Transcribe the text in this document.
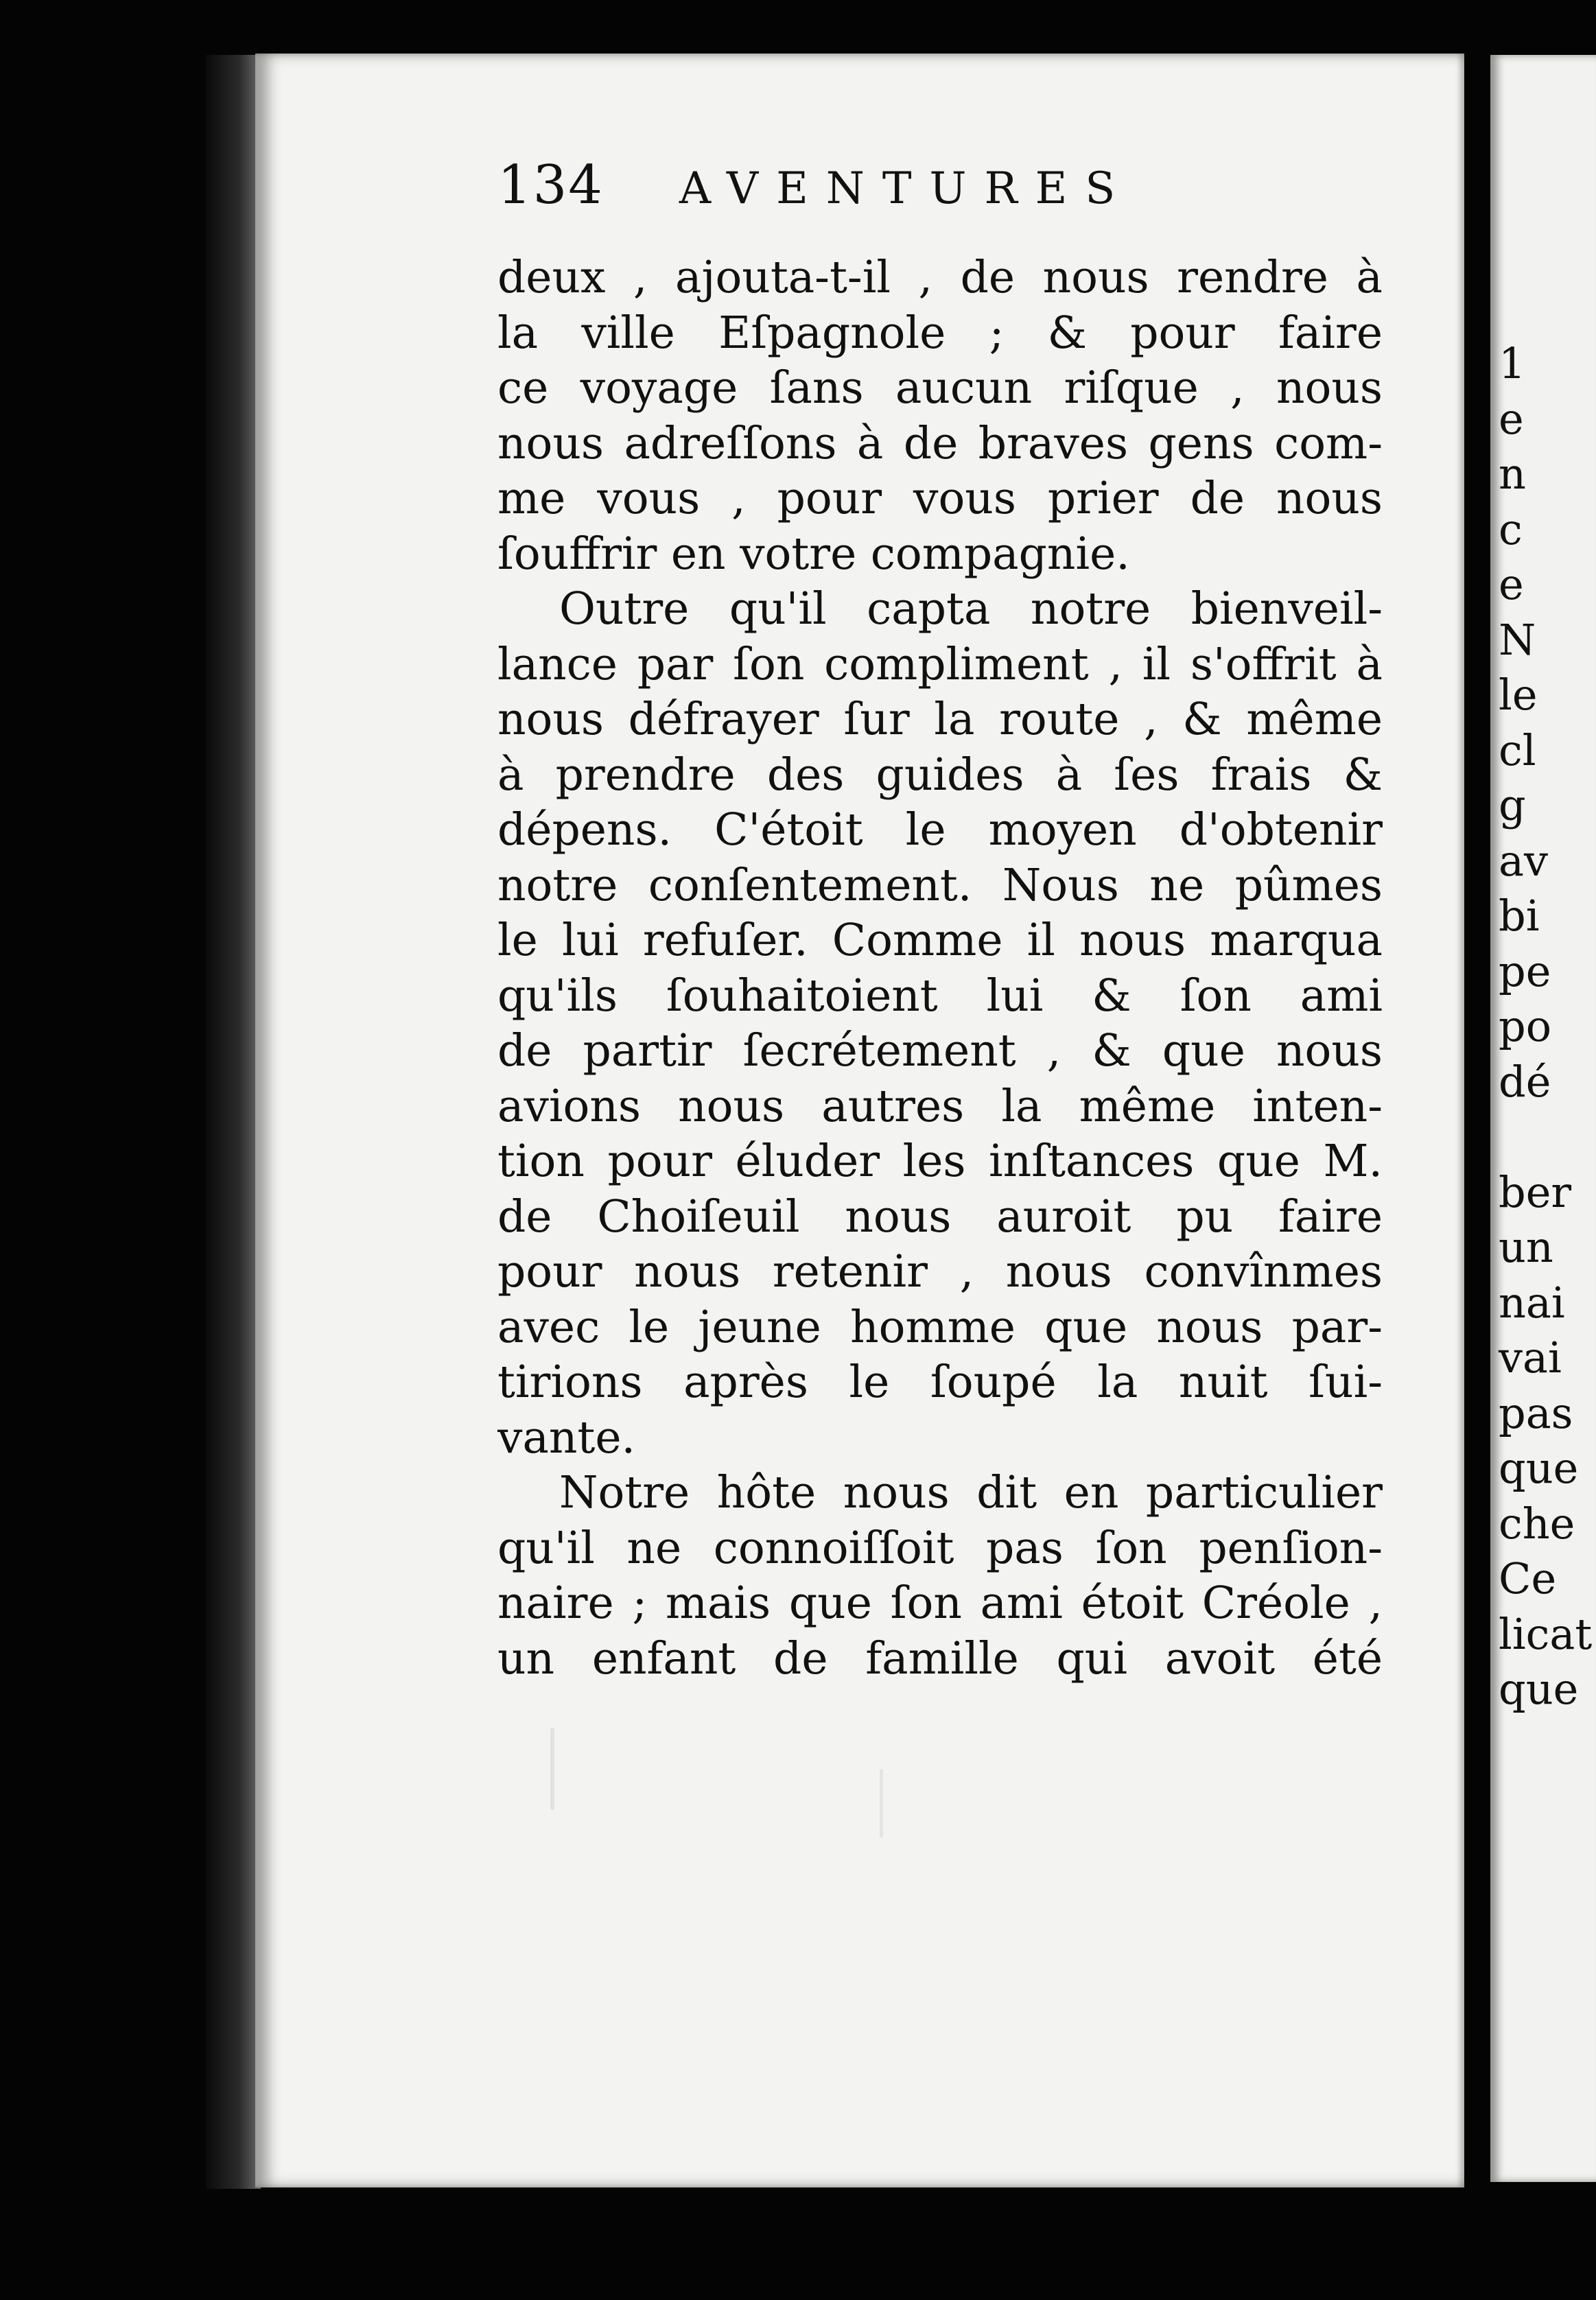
134 AVENTURES
deux , ajouta-t-il , de nous rendre à
la ville Eſpagnole ; & pour faire
ce voyage ſans aucun riſque , nous
nous adreſſons à de braves gens com-
me vous , pour vous prier de nous
ſouffrir en votre compagnie.
Outre qu'il capta notre bienveil-
lance par ſon compliment , il s'offrit à
nous défrayer ſur la route , & même
à prendre des guides à ſes frais &
dépens. C'étoit le moyen d'obtenir
notre conſentement. Nous ne pûmes
le lui refuſer. Comme il nous marqua
qu'ils ſouhaitoient lui & ſon ami
de partir ſecrétement , & que nous
avions nous autres la même inten-
tion pour éluder les inſtances que M.
de Choiſeuil nous auroit pu faire
pour nous retenir , nous convînmes
avec le jeune homme que nous par-
tirions après le ſoupé la nuit ſui-
vante.
Notre hôte nous dit en particulier
qu'il ne connoiſſoit pas ſon penſion-
naire ; mais que ſon ami étoit Créole ,
un enfant de famille qui avoit été
1
e
n
c
e
N
le
cl
g
av
bi
pe
po
dé
ber
un
nai
vai
pas
que
che
Ce
licat
que
